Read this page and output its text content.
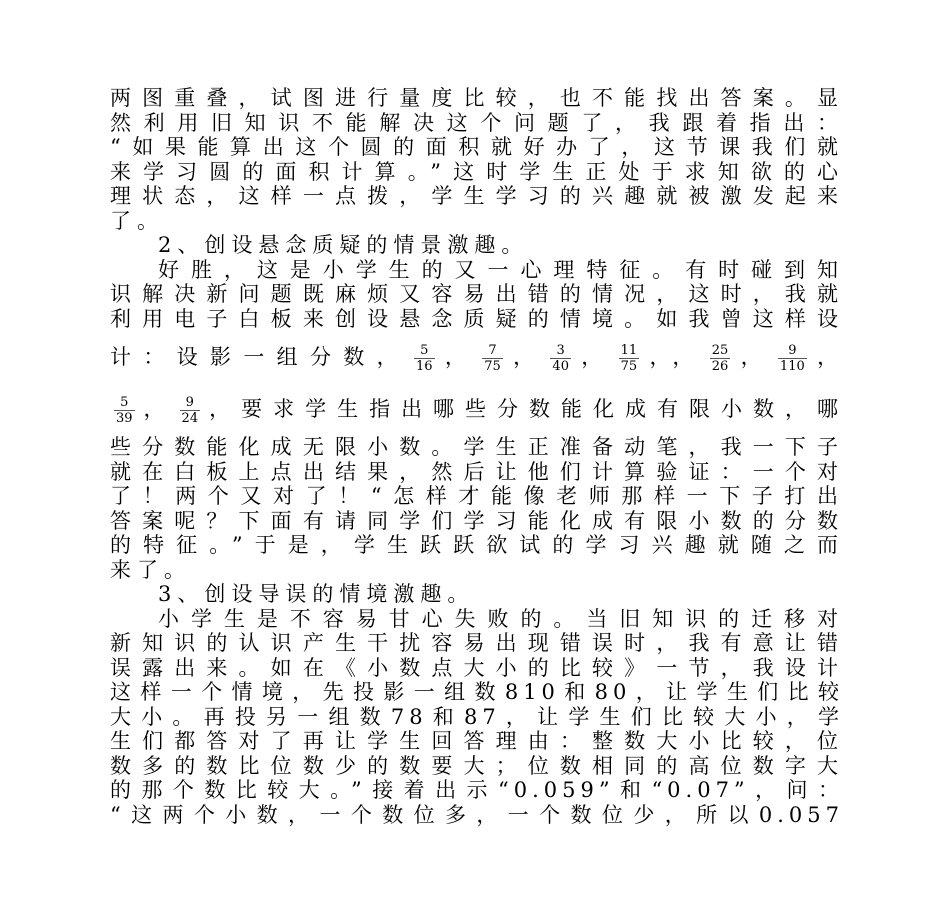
两图重叠，试图进行量度比较，也不能找出答案。显
然利用旧知识不能解决这个问题了，我跟着指出：
“如果能算出这个圆的面积就好办了，这节课我们就
来学习圆的面积计算。”这时学生正处于求知欲的心
理状态，这样一点拨，学生学习的兴趣就被激发起来
了。
2、创设悬念质疑的情景激趣。
好胜，这是小学生的又一心理特征。有时碰到知
识解决新问题既麻烦又容易出错的情况，这时，我就
利用电子白板来创设悬念质疑的情境。如我曾这样设
计：设影一组分数， $\frac{5}{16}$ ， $\frac{7}{75}$ ， $\frac{3}{40}$ ， $\frac{11}{75}$ ，， $\frac{25}{26}$ ， $\frac{9}{110}$ ，
$\frac{5}{39}$ ， $\frac{9}{24}$ ，要求学生指出哪些分数能化成有限小数，哪
些分数能化成无限小数。学生正准备动笔，我一下子
就在白板上点出结果，然后让他们计算验证：一个对
了！两个又对了！“怎样才能像老师那样一下子打出
答案呢？下面有请同学们学习能化成有限小数的分数
的特征。”于是，学生跃跃欲试的学习兴趣就随之而
来了。
3、创设导误的情境激趣。
小学生是不容易甘心失败的。当旧知识的迁移对
新知识的认识产生干扰容易出现错误时，我有意让错
误露出来。如在《小数点大小的比较》一节，我设计
这样一个情境，先投影一组数810和80，让学生们比较
大小。再投另一组数78和87，让学生们比较大小，学
生们都答对了再让学生回答理由：整数大小比较，位
数多的数比位数少的数要大；位数相同的高位数字大
的那个数比较大。”接着出示“0.059”和“0.07”，问：
“这两个小数，一个数位多，一个数位少，所以0.057
